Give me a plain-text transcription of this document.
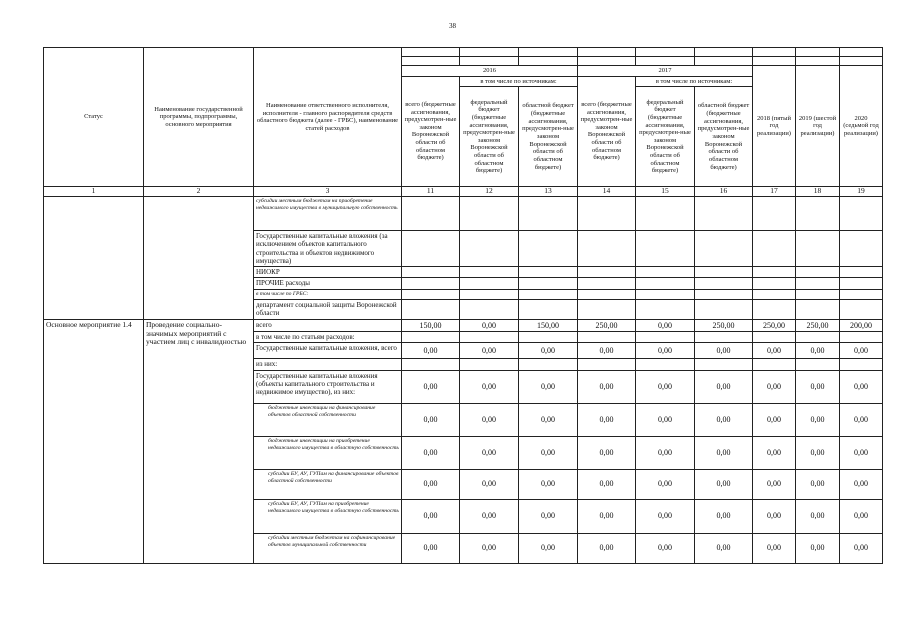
38
Статус	Наименование государственной программы, подпрограммы, основного мероприятия	Наименование ответственного исполнителя, исполнителя - главного распорядителя средств областного бюджета (далее - ГРБС), наименование статей расходов									

			2016			2017			2018 (пятый год реализации)	2019 (шестой год реализации)	2020 (седьмой год реализации)
			всего (бюджетные ассигнования, предусмотрен-ные законом Воронежской области об областном бюджете)	в том числе по источникам:		всего (бюджетные ассигнования, предусмотрен-ные законом Воронежской области об областном бюджете)	в том числе по источникам:				
				федеральный бюджет (бюджетные ассигнования, предусмотрен-ные законом Воронежской области об областном бюджете)	областной бюджет (бюджетные ассигнования, предусмотрен-ные законом Воронежской области об областном бюджете)		федеральный бюджет (бюджетные ассигнования, предусмотрен-ные законом Воронежской области об областном бюджете)	областной бюджет (бюджетные ассигнования, предусмотрен-ные законом Воронежской области об областном бюджете)			
1	2	3	11	12	13	14	15	16	17	18	19
		субсидии местным бюджетам на приобретение недвижимого имущества в муниципальную собственность									
		Государственные капитальные вложения (за исключением объектов капитального строительства и объектов недвижимого имущества)									
		НИОКР									
		ПРОЧИЕ расходы									
		в том числе по ГРБС:									
		департамент социальной защиты Воронежской области									
Основное мероприятие 1.4	Проведение социально-значимых мероприятий с участием лиц с инвалидностью	всего	150,00	0,00	150,00	250,00	0,00	250,00	250,00	250,00	200,00
		в том числе по статьям расходов:									
		Государственные капитальные вложения, всего	0,00	0,00	0,00	0,00	0,00	0,00	0,00	0,00	0,00
		из них:									
		Государственные капитальные вложения (объекты капитального строительства и недвижимое имущество), из них:	0,00	0,00	0,00	0,00	0,00	0,00	0,00	0,00	0,00
		бюджетные инвестиции на финансирование объектов областной собственности	0,00	0,00	0,00	0,00	0,00	0,00	0,00	0,00	0,00
		бюджетные инвестиции на приобретение недвижимого имущества в областную собственность	0,00	0,00	0,00	0,00	0,00	0,00	0,00	0,00	0,00
		субсидии БУ, АУ, ГУПам на финансирование объектов областной собственности	0,00	0,00	0,00	0,00	0,00	0,00	0,00	0,00	0,00
		субсидии БУ, АУ, ГУПам на приобретение недвижимого имущества в областную собственность	0,00	0,00	0,00	0,00	0,00	0,00	0,00	0,00	0,00
		субсидии местным бюджетам на софинансирование объектов муниципальной собственности	0,00	0,00	0,00	0,00	0,00	0,00	0,00	0,00	0,00
